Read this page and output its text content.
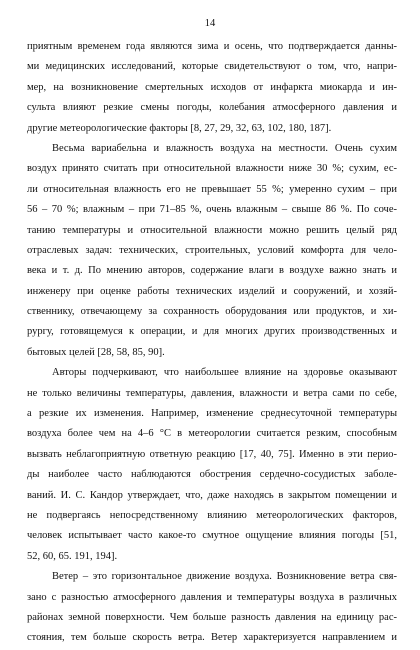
14
приятным временем года являются зима и осень, что подтверждается данны-
ми медицинских исследований, которые свидетельствуют о том, что, напри-
мер, на возникновение смертельных исходов от инфаркта миокарда и ин-
сульта влияют резкие смены погоды, колебания атмосферного давления и
другие метеорологические факторы [8, 27, 29, 32, 63, 102, 180, 187].
Весьма вариабельна и влажность воздуха на местности. Очень сухим
воздух принято считать при относительной влажности ниже 30 %; сухим, ес-
ли относительная влажность его не превышает 55 %; умеренно сухим – при
56 – 70 %; влажным – при 71–85 %, очень влажным – свыше 86 %. По сочe-
танию температуры и относительной влажности можно решить целый ряд
отраслевых задач: технических, строительных, условий комфорта для чело-
века и т. д. По мнению авторов, содержание влаги в воздухе важно знать и
инженеру при оценке работы технических изделий и сооружений, и хозяй-
ственнику, отвечающему за сохранность оборудования или продуктов, и хи-
рургу, готовящемуся к операции, и для многих других производственных и
бытовых целей [28, 58, 85, 90].
Авторы подчеркивают, что наибольшее влияние на здоровье оказывают
не только величины температуры, давления, влажности и ветра сами по себе,
а резкие их изменения. Например, изменение среднесуточной температуры
воздуха более чем на 4–6 °С в метеорологии считается резким, способным
вызвать неблагоприятную ответную реакцию [17, 40, 75]. Именно в эти перио-
ды наиболее часто наблюдаются обострения сердечно-сосудистых заболе-
ваний. И. С. Кандор утверждает, что, даже находясь в закрытом помещении и
не подвергаясь непосредственному влиянию метеорологических факторов,
человек испытывает часто какое-то смутное ощущение влияния погоды [51,
52, 60, 65. 191, 194].
Ветер – это горизонтальное движение воздуха. Возникновение ветра свя-
зано с разностью атмосферного давления и температуры воздуха в различных
районах земной поверхности. Чем больше разность давления на единицу рас-
стояния, тем больше скорость ветра. Ветер характеризуется направлением и
